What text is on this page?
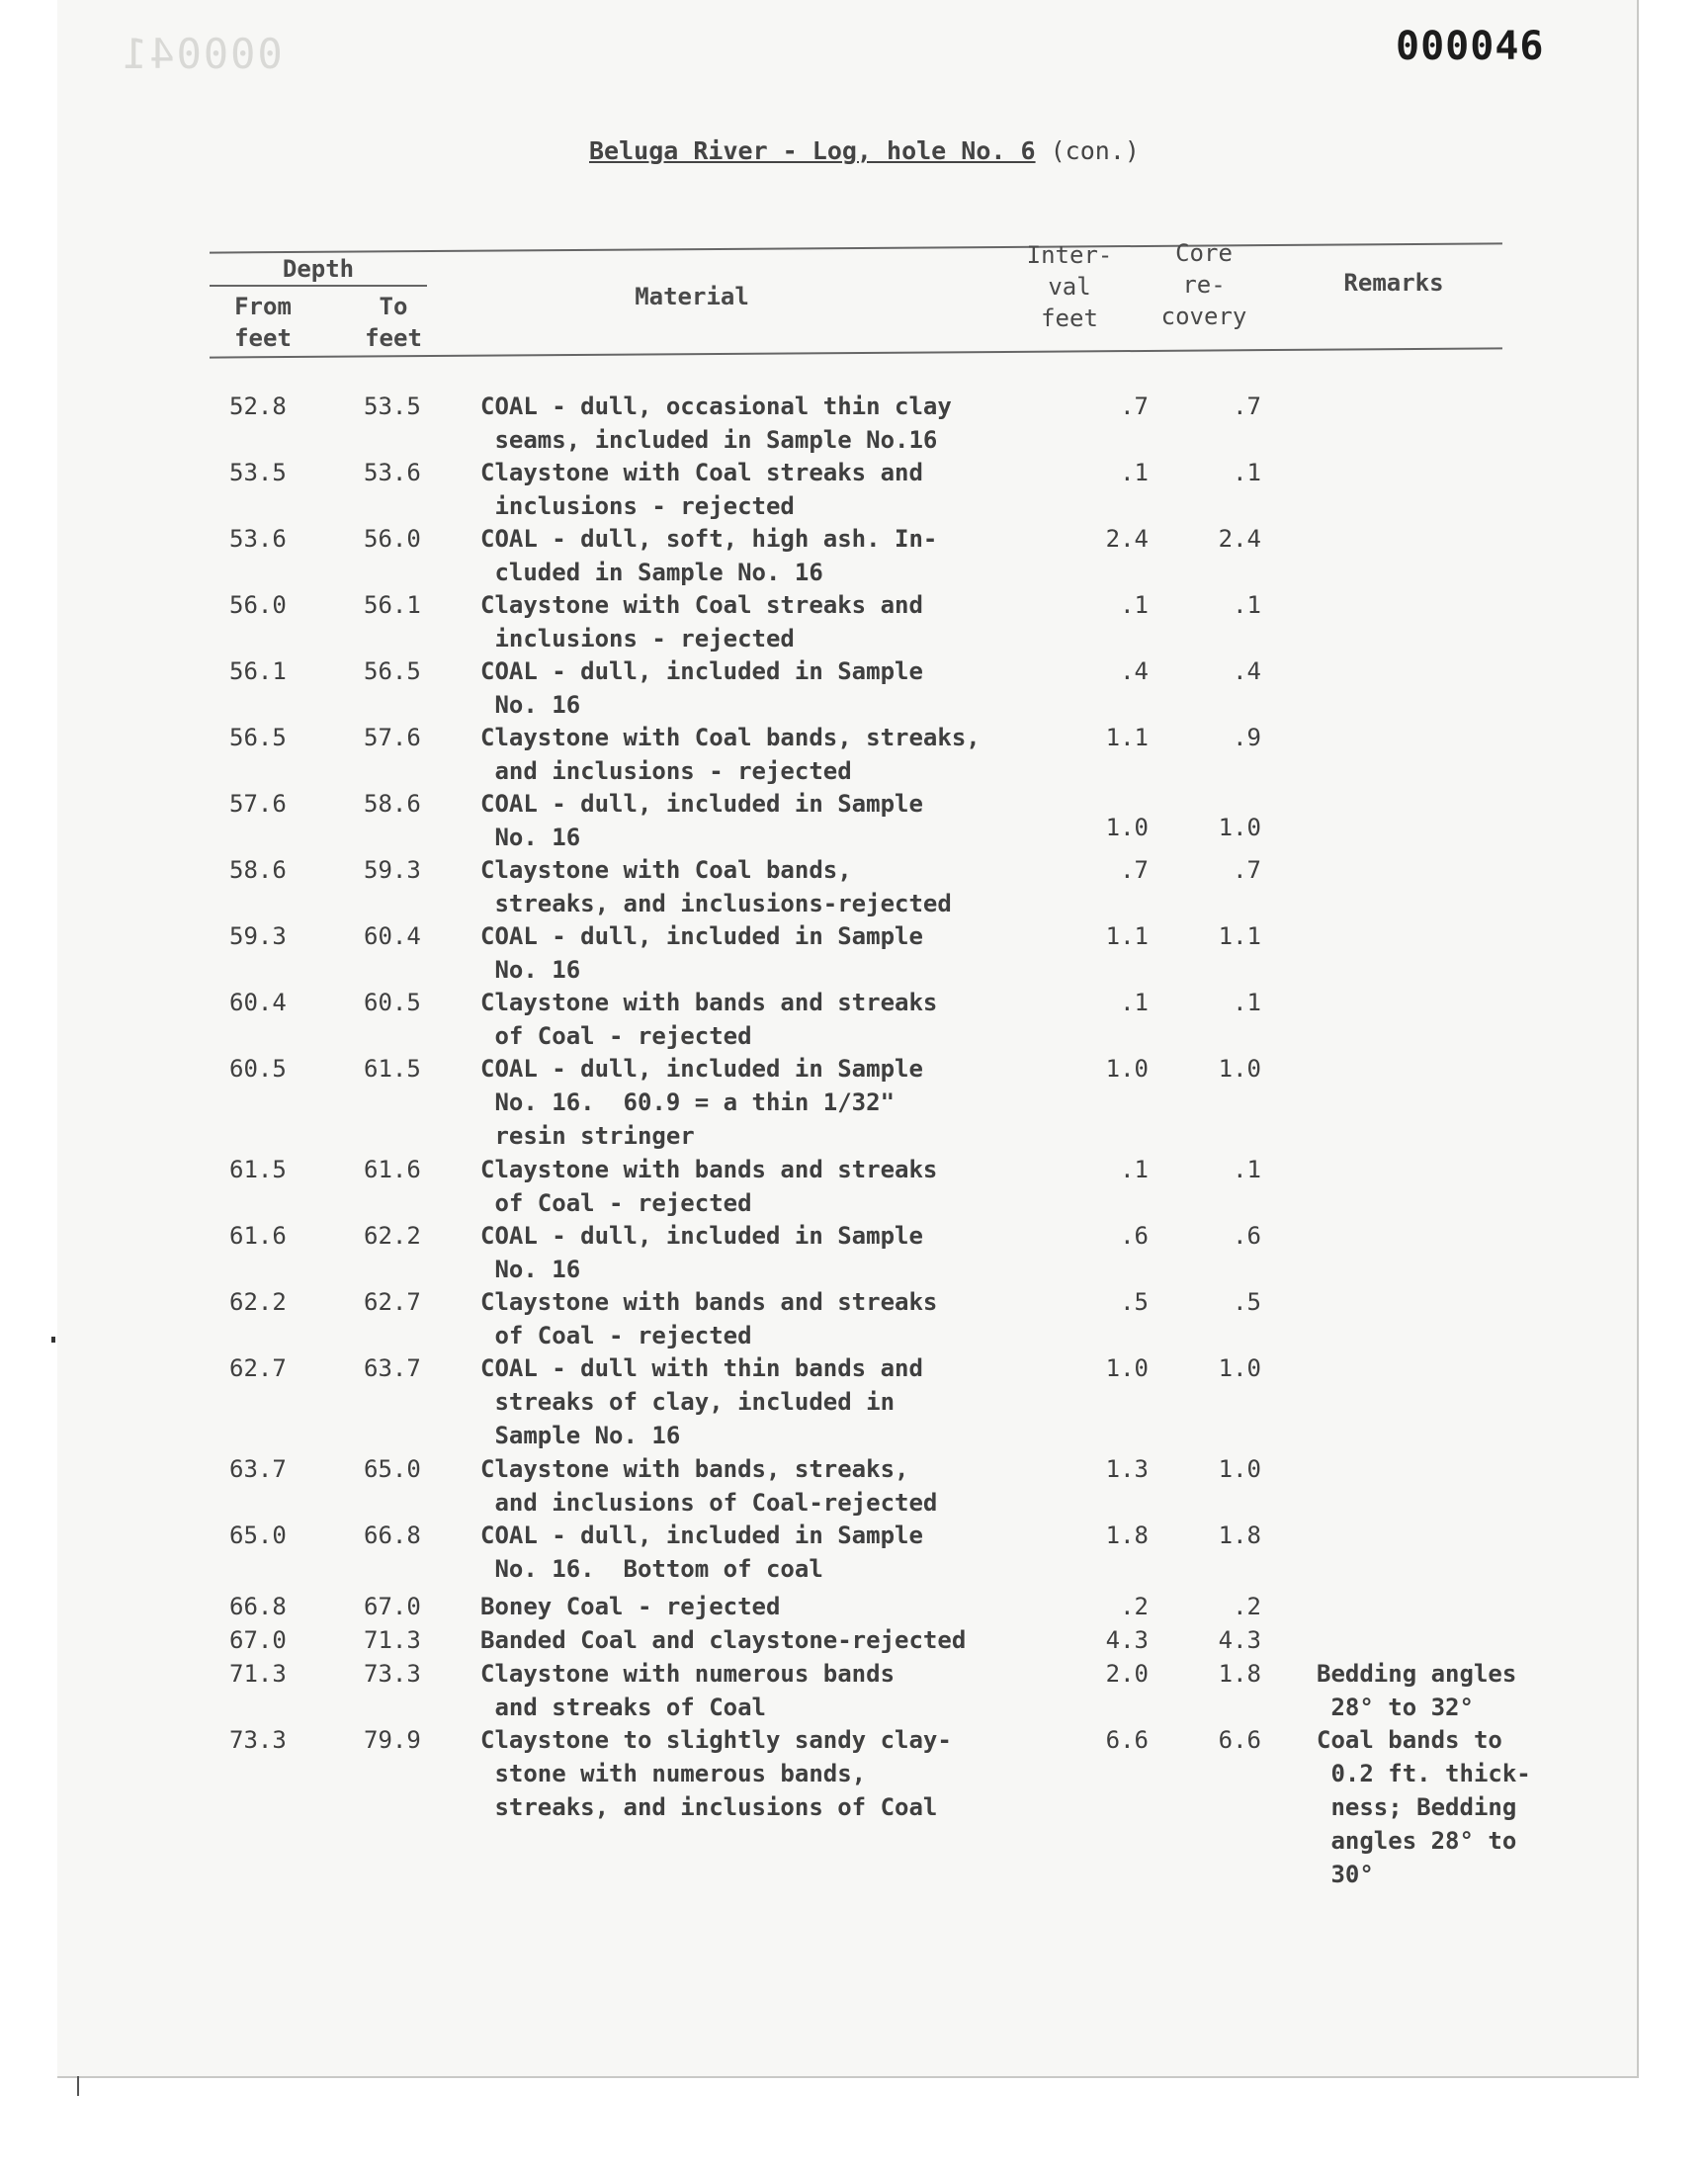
000041	000046
Beluga River - Log, hole No. 6 (con.)
Depth
From
feet
To
feet
Material
Inter-
val
feet
Core
re-
covery
Remarks
52.8	53.5	COAL - dull, occasional thin clay
seams, included in Sample No.16
.7	.7
53.5	53.6	Claystone with Coal streaks and
inclusions - rejected
.1	.1
53.6	56.0	COAL - dull, soft, high ash. In-
cluded in Sample No. 16
2.4	2.4
56.0	56.1	Claystone with Coal streaks and
inclusions - rejected
.1	.1
56.1	56.5	COAL - dull, included in Sample
No. 16
.4	.4
56.5	57.6	Claystone with Coal bands, streaks,
and inclusions - rejected
1.1	.9
57.6	58.6	COAL - dull, included in Sample
No. 16	1.0	1.0
58.6	59.3	Claystone with Coal bands,
streaks, and inclusions-rejected
.7	.7
59.3	60.4	COAL - dull, included in Sample
No. 16
1.1	1.1
60.4	60.5	Claystone with bands and streaks
of Coal - rejected
.1	.1
60.5	61.5	COAL - dull, included in Sample
No. 16.  60.9 = a thin 1/32"
resin stringer
1.0	1.0
61.5	61.6	Claystone with bands and streaks
of Coal - rejected
.1	.1
61.6	62.2	COAL - dull, included in Sample
No. 16
.6	.6
62.2	62.7	Claystone with bands and streaks
of Coal - rejected
.5	.5
62.7	63.7	COAL - dull with thin bands and
streaks of clay, included in
Sample No. 16
1.0	1.0
63.7	65.0	Claystone with bands, streaks,
and inclusions of Coal-rejected
1.3	1.0
65.0	66.8	COAL - dull, included in Sample
No. 16.  Bottom of coal
1.8	1.8
66.8	67.0	Boney Coal - rejected	.2	.2
67.0	71.3	Banded Coal and claystone-rejected	4.3	4.3
71.3	73.3	Claystone with numerous bands
and streaks of Coal
2.0	1.8 Bedding angles
28° to 32°
73.3	79.9	Claystone to slightly sandy clay-
stone with numerous bands,
streaks, and inclusions of Coal
6.6	6.6 Coal bands to
0.2 ft. thick-
ness; Bedding
angles 28° to
30°
